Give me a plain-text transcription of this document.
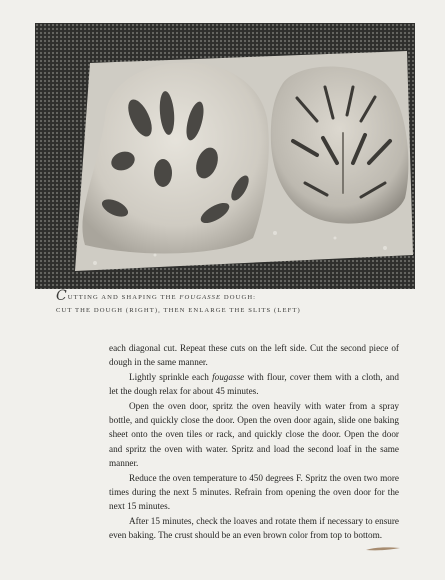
CUTTING AND SHAPING THE FOUGASSE DOUGH:
CUT THE DOUGH (RIGHT), THEN ENLARGE THE SLITS (LEFT)

each diagonal cut. Repeat these cuts on the left side. Cut the second piece of dough in the same manner.

Lightly sprinkle each fougasse with flour, cover them with a cloth, and let the dough relax for about 45 minutes.

Open the oven door, spritz the oven heavily with water from a spray bottle, and quickly close the door. Open the oven door again, slide one baking sheet onto the oven tiles or rack, and quickly close the door. Open the door and spritz the oven with water. Spritz and load the second loaf in the same manner.

Reduce the oven temperature to 450 degrees F. Spritz the oven two more times during the next 5 minutes. Refrain from opening the oven door for the next 15 minutes.

After 15 minutes, check the loaves and rotate them if necessary to ensure even baking. The crust should be an even brown color from top to bottom.
